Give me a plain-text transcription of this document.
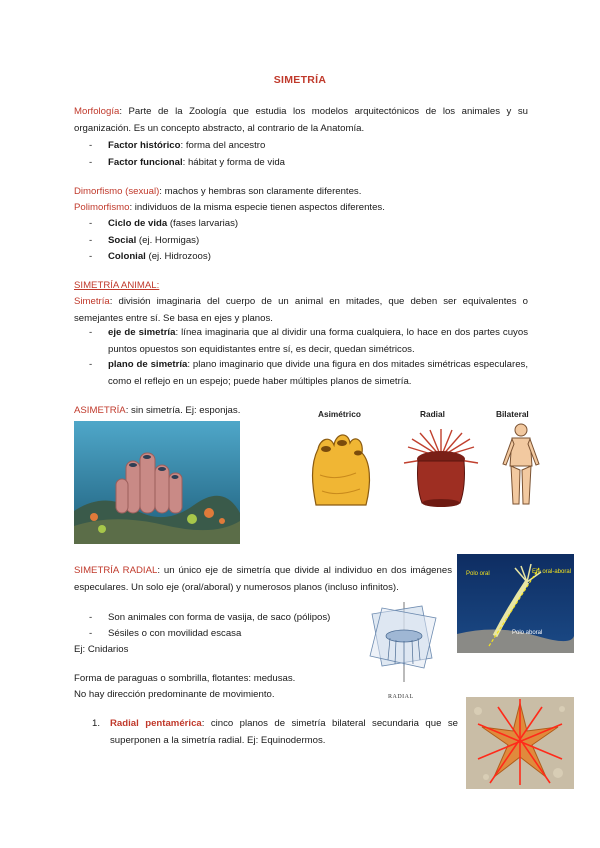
SIMETRÍA
Morfología: Parte de la Zoología que estudia los modelos arquitectónicos de los animales y su organización. Es un concepto abstracto, al contrario de la Anatomía.
- Factor histórico: forma del ancestro
- Factor funcional: hábitat y forma de vida
Dimorfismo (sexual): machos y hembras son claramente diferentes.
Polimorfismo: individuos de la misma especie tienen aspectos diferentes.
- Ciclo de vida (fases larvarias)
- Social (ej. Hormigas)
- Colonial (ej. Hidrozoos)
SIMETRÍA ANIMAL:
Simetría: división imaginaria del cuerpo de un animal en mitades, que deben ser equivalentes o semejantes entre sí. Se basa en ejes y planos.
- eje de simetría: línea imaginaria que al dividir una forma cualquiera, lo hace en dos partes cuyos puntos opuestos son equidistantes entre sí, es decir, quedan simétricos.
- plano de simetría: plano imaginario que divide una figura en dos mitades simétricas especulares, como el reflejo en un espejo; puede haber múltiples planos de simetría.
ASIMETRÍA: sin simetría. Ej: esponjas.	Asimétrico	Radial	Bilateral
SIMETRÍA RADIAL: un único eje de simetría que divide al individuo en dos imágenes especulares. Un solo eje (oral/aboral) y numerosos planos (incluso infinitos).
- Son animales con forma de vasija, de saco (pólipos)
- Sésiles o con movilidad escasa
Ej: Cnidarios
Forma de paraguas o sombrilla, flotantes: medusas.
No hay dirección predominante de movimiento.	RADIAL
Polo oral	Eje oral-aboral
Polo aboral
1. Radial pentamérica: cinco planos de simetría bilateral secundaria que se superponen a la simetría radial. Ej: Equinodermos.
